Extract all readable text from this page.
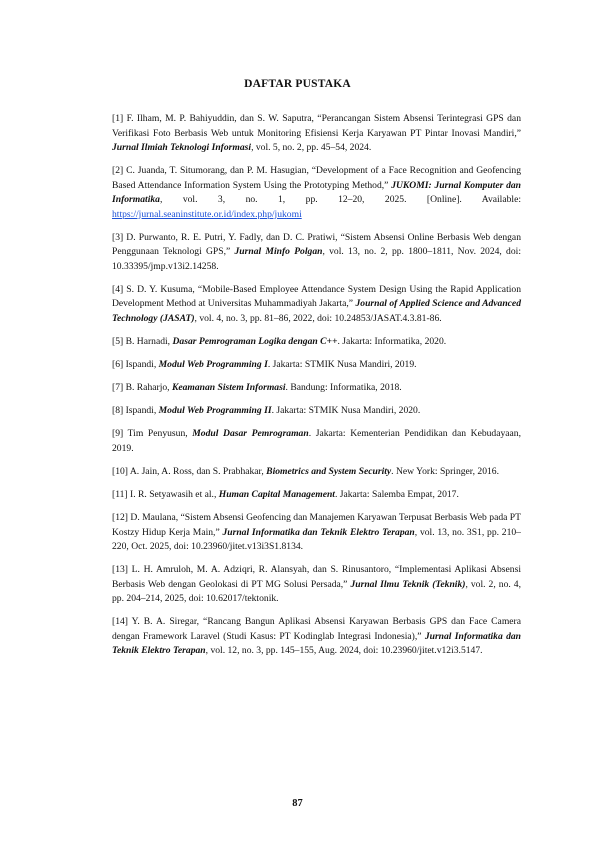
DAFTAR PUSTAKA

[1] F. Ilham, M. P. Bahiyuddin, dan S. W. Saputra, “Perancangan Sistem Absensi Terintegrasi GPS dan Verifikasi Foto Berbasis Web untuk Monitoring Efisiensi Kerja Karyawan PT Pintar Inovasi Mandiri,” Jurnal Ilmiah Teknologi Informasi, vol. 5, no. 2, pp. 45–54, 2024.

[2] C. Juanda, T. Situmorang, dan P. M. Hasugian, “Development of a Face Recognition and Geofencing Based Attendance Information System Using the Prototyping Method,” JUKOMI: Jurnal Komputer dan Informatika, vol. 3, no. 1, pp. 12–20, 2025. [Online]. Available: https://jurnal.seaninstitute.or.id/index.php/jukomi

[3] D. Purwanto, R. E. Putri, Y. Fadly, dan D. C. Pratiwi, “Sistem Absensi Online Berbasis Web dengan Penggunaan Teknologi GPS,” Jurnal Minfo Polgan, vol. 13, no. 2, pp. 1800–1811, Nov. 2024, doi: 10.33395/jmp.v13i2.14258.

[4] S. D. Y. Kusuma, “Mobile-Based Employee Attendance System Design Using the Rapid Application Development Method at Universitas Muhammadiyah Jakarta,” Journal of Applied Science and Advanced Technology (JASAT), vol. 4, no. 3, pp. 81–86, 2022, doi: 10.24853/JASAT.4.3.81-86.

[5] B. Harnadi, Dasar Pemrograman Logika dengan C++. Jakarta: Informatika, 2020.

[6] Ispandi, Modul Web Programming I. Jakarta: STMIK Nusa Mandiri, 2019.

[7] B. Raharjo, Keamanan Sistem Informasi. Bandung: Informatika, 2018.

[8] Ispandi, Modul Web Programming II. Jakarta: STMIK Nusa Mandiri, 2020.

[9] Tim Penyusun, Modul Dasar Pemrograman. Jakarta: Kementerian Pendidikan dan Kebudayaan, 2019.

[10] A. Jain, A. Ross, dan S. Prabhakar, Biometrics and System Security. New York: Springer, 2016.

[11] I. R. Setyawasih et al., Human Capital Management. Jakarta: Salemba Empat, 2017.

[12] D. Maulana, “Sistem Absensi Geofencing dan Manajemen Karyawan Terpusat Berbasis Web pada PT Kostzy Hidup Kerja Main,” Jurnal Informatika dan Teknik Elektro Terapan, vol. 13, no. 3S1, pp. 210–220, Oct. 2025, doi: 10.23960/jitet.v13i3S1.8134.

[13] L. H. Amruloh, M. A. Adziqri, R. Alansyah, dan S. Rinusantoro, “Implementasi Aplikasi Absensi Berbasis Web dengan Geolokasi di PT MG Solusi Persada,” Jurnal Ilmu Teknik (Teknik), vol. 2, no. 4, pp. 204–214, 2025, doi: 10.62017/tektonik.

[14] Y. B. A. Siregar, “Rancang Bangun Aplikasi Absensi Karyawan Berbasis GPS dan Face Camera dengan Framework Laravel (Studi Kasus: PT Kodinglab Integrasi Indonesia),” Jurnal Informatika dan Teknik Elektro Terapan, vol. 12, no. 3, pp. 145–155, Aug. 2024, doi: 10.23960/jitet.v12i3.5147.

87
